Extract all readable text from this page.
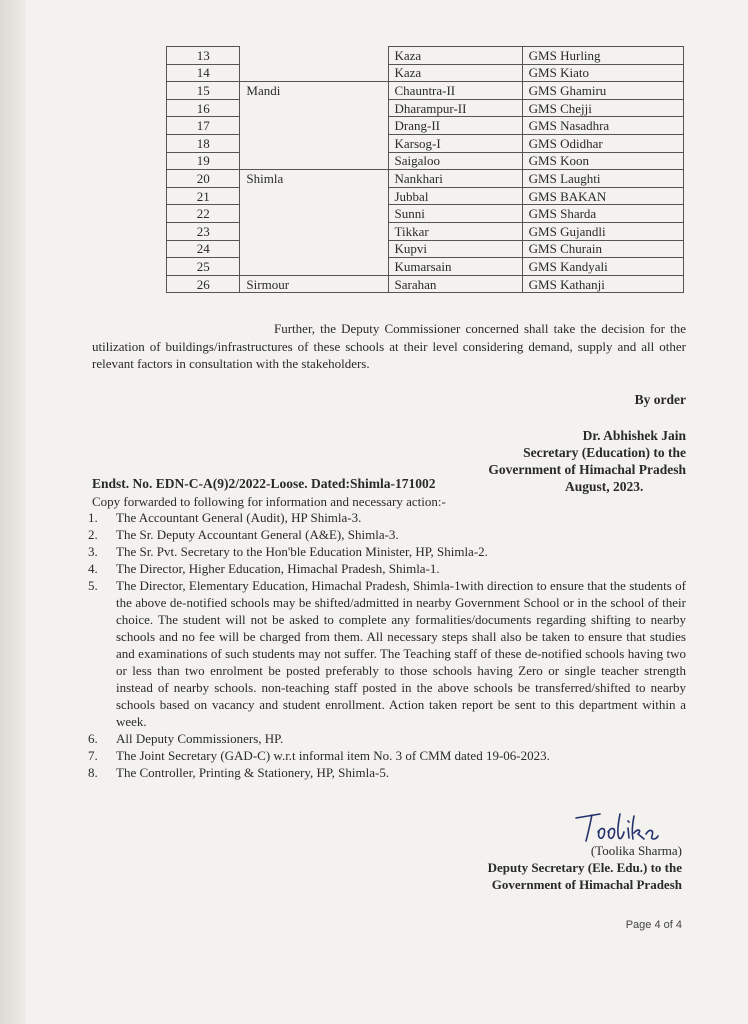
13		Kaza	GMS Hurling
14		Kaza	GMS Kiato
15	Mandi	Chauntra-II	GMS Ghamiru
16		Dharampur-II	GMS Chejji
17		Drang-II	GMS Nasadhra
18		Karsog-I	GMS Odidhar
19		Saigaloo	GMS Koon
20	Shimla	Nankhari	GMS Laughti
21		Jubbal	GMS BAKAN
22		Sunni	GMS Sharda
23		Tikkar	GMS Gujandli
24		Kupvi	GMS Churain
25		Kumarsain	GMS Kandyali
26	Sirmour	Sarahan	GMS Kathanji
Further, the Deputy Commissioner concerned shall take the decision for the utilization of buildings/infrastructures of these schools at their level considering demand, supply and all other relevant factors in consultation with the stakeholders.
By order
Dr. Abhishek Jain
Secretary (Education) to the
Government of Himachal Pradesh
Endst. No. EDN-C-A(9)2/2022-Loose. Dated:Shimla-171002	August, 2023.
Copy forwarded to following for information and necessary action:-
1.	The Accountant General (Audit), HP Shimla-3.
2.	The Sr. Deputy Accountant General (A&E), Shimla-3.
3.	The Sr. Pvt. Secretary to the Hon'ble Education Minister, HP, Shimla-2.
4.	The Director, Higher Education, Himachal Pradesh, Shimla-1.
5.	The Director, Elementary Education, Himachal Pradesh, Shimla-1with direction to ensure that the students of the above de-notified schools may be shifted/admitted in nearby Government School or in the school of their choice. The student will not be asked to complete any formalities/documents regarding shifting to nearby schools and no fee will be charged from them. All necessary steps shall also be taken to ensure that studies and examinations of such students may not suffer. The Teaching staff of these de-notified schools having two or less than two enrolment be posted preferably to those schools having Zero or single teacher strength instead of nearby schools. non-teaching staff posted in the above schools be transferred/shifted to nearby schools based on vacancy and student enrollment. Action taken report be sent to this department within a week.
6.	All Deputy Commissioners, HP.
7.	The Joint Secretary (GAD-C) w.r.t informal item No. 3 of CMM dated 19-06-2023.
8.	The Controller, Printing & Stationery, HP, Shimla-5.
(Toolika Sharma)
Deputy Secretary (Ele. Edu.) to the
Government of Himachal Pradesh
Page 4 of 4
